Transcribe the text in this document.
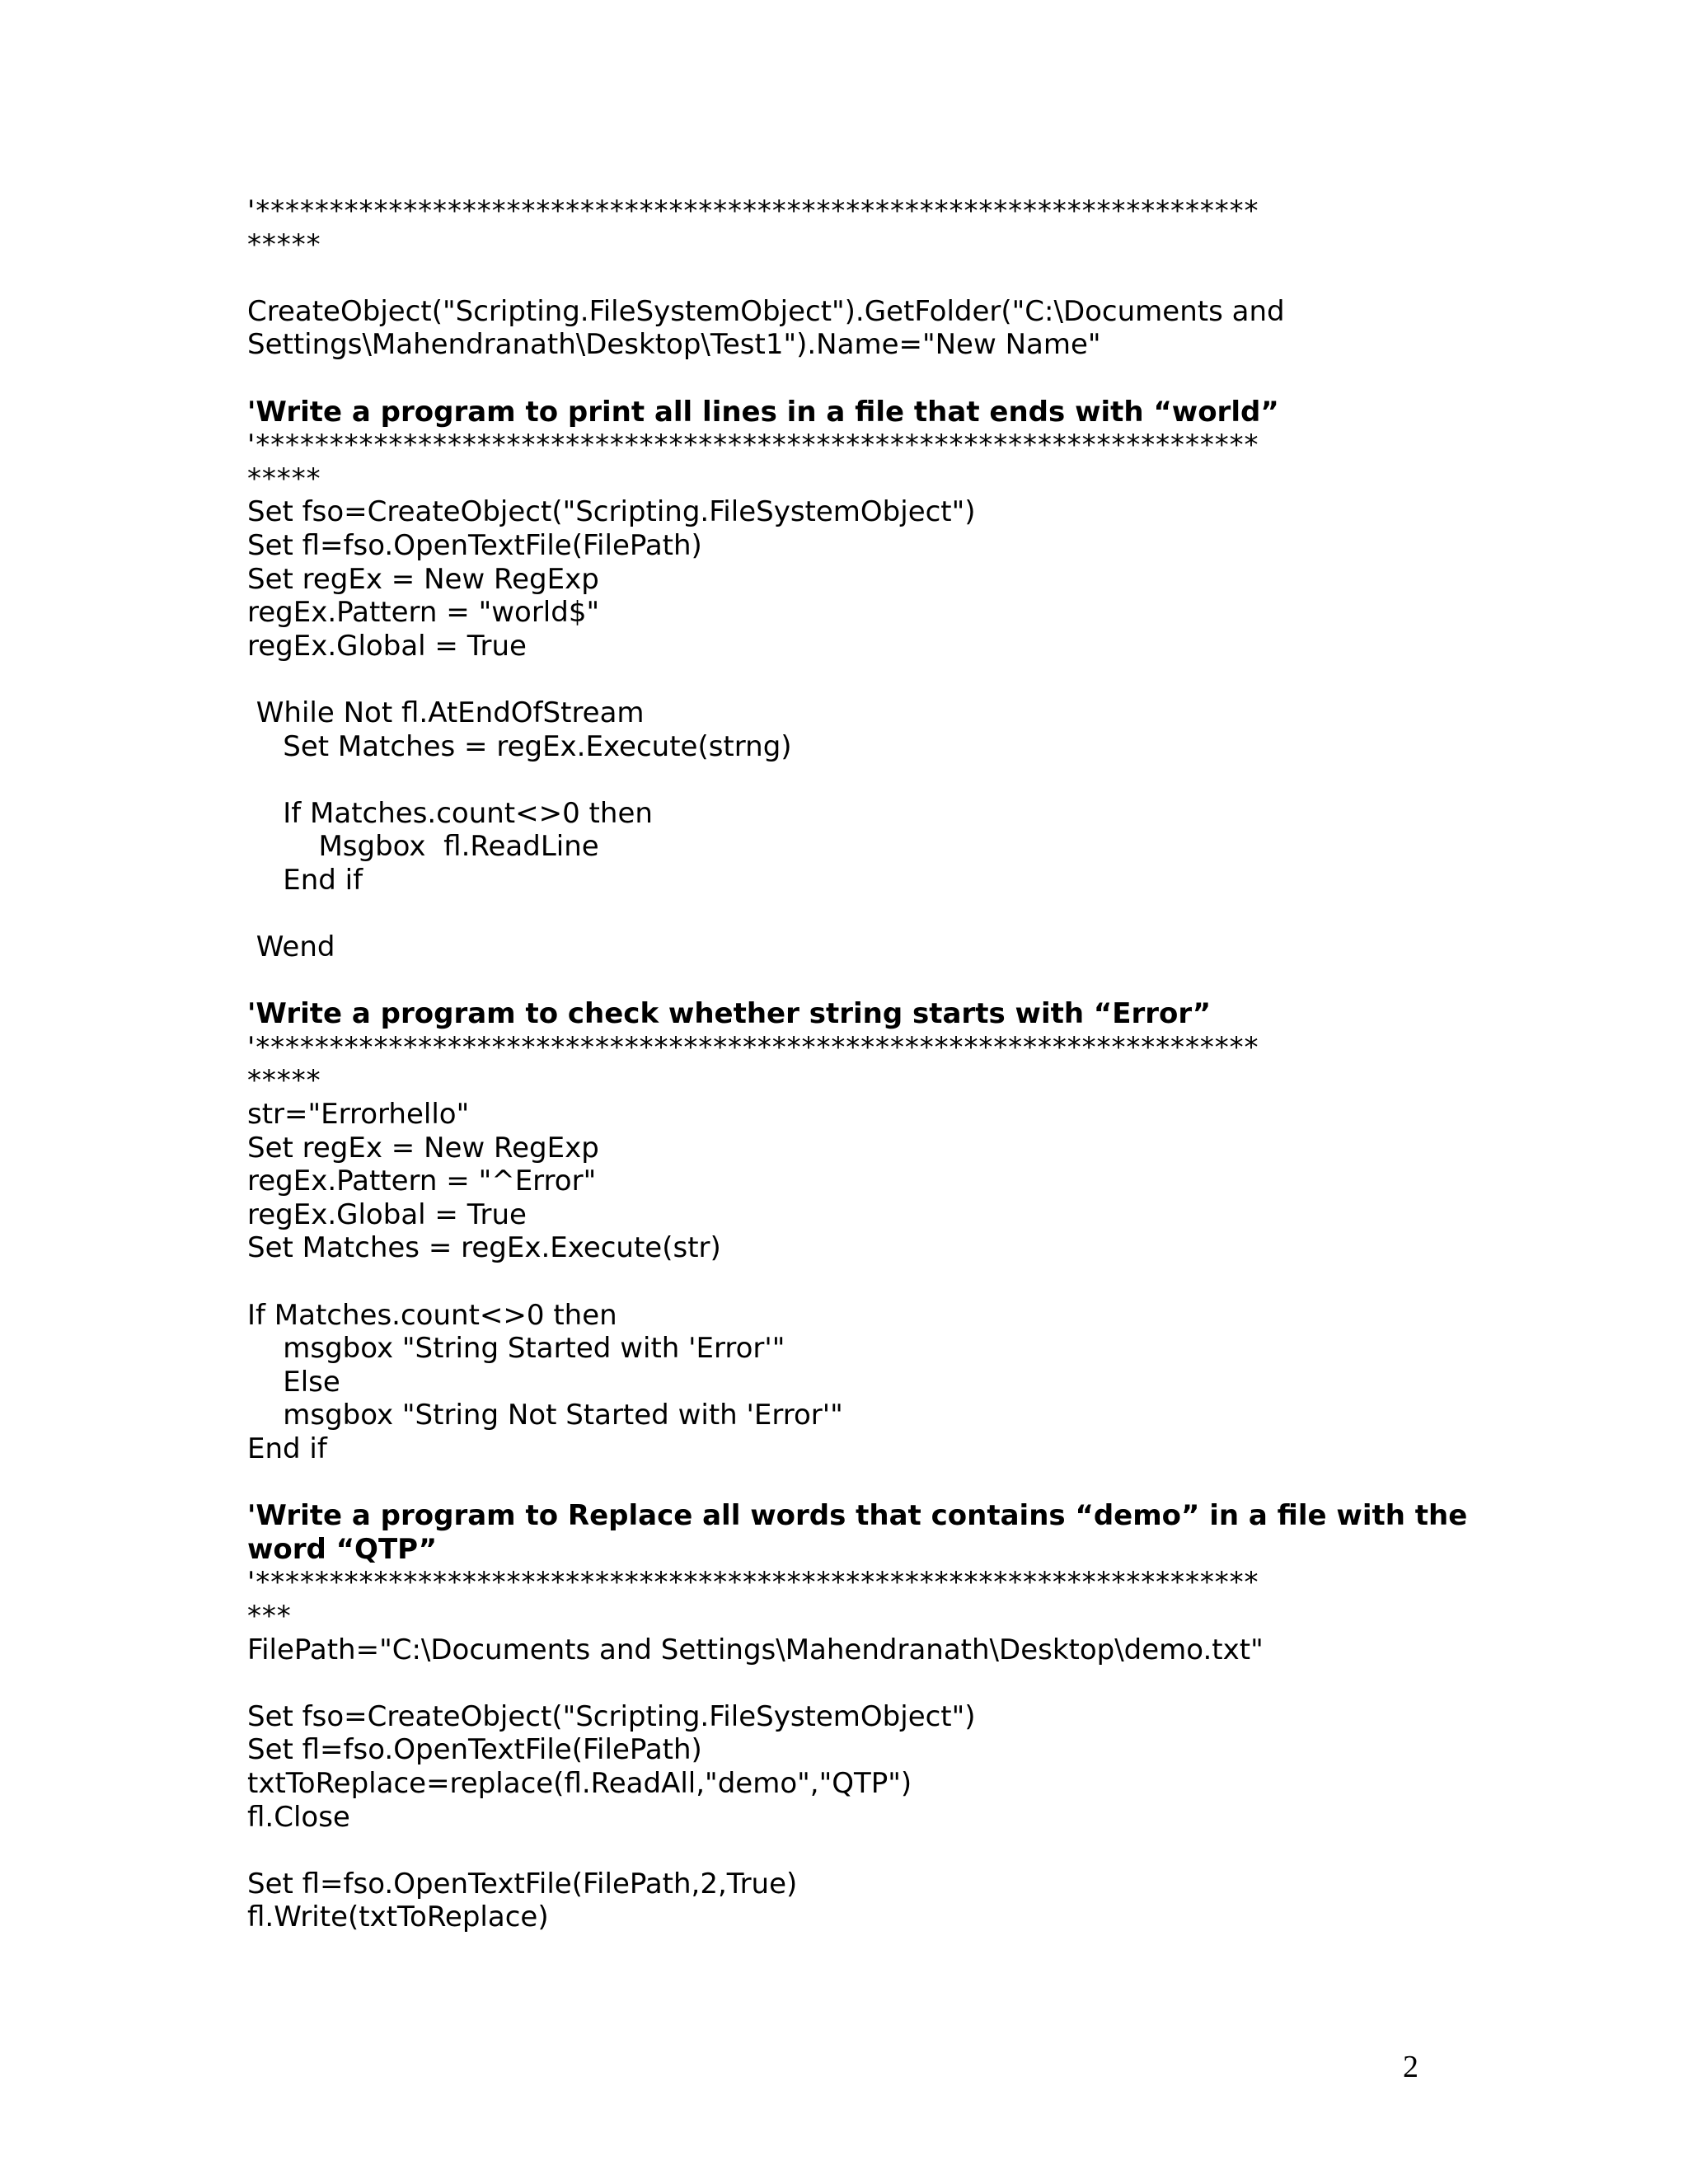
'********************************************************************
*****
CreateObject("Scripting.FileSystemObject").GetFolder("C:\Documents and
Settings\Mahendranath\Desktop\Test1").Name="New Name"
'Write a program to print all lines in a file that ends with “world”
'********************************************************************
*****
Set fso=CreateObject("Scripting.FileSystemObject")
Set fl=fso.OpenTextFile(FilePath)
Set regEx = New RegExp
regEx.Pattern = "world$"
regEx.Global = True
While Not fl.AtEndOfStream
Set Matches = regEx.Execute(strng)
If Matches.count<>0 then
Msgbox  fl.ReadLine
End if
Wend
'Write a program to check whether string starts with “Error”
'********************************************************************
*****
str="Errorhello"
Set regEx = New RegExp
regEx.Pattern = "^Error"
regEx.Global = True
Set Matches = regEx.Execute(str)
If Matches.count<>0 then
msgbox "String Started with 'Error'"
Else
msgbox "String Not Started with 'Error'"
End if
'Write a program to Replace all words that contains “demo” in a file with the
word “QTP”
'********************************************************************
***
FilePath="C:\Documents and Settings\Mahendranath\Desktop\demo.txt"
Set fso=CreateObject("Scripting.FileSystemObject")
Set fl=fso.OpenTextFile(FilePath)
txtToReplace=replace(fl.ReadAll,"demo","QTP")
fl.Close
Set fl=fso.OpenTextFile(FilePath,2,True)
fl.Write(txtToReplace)
2
